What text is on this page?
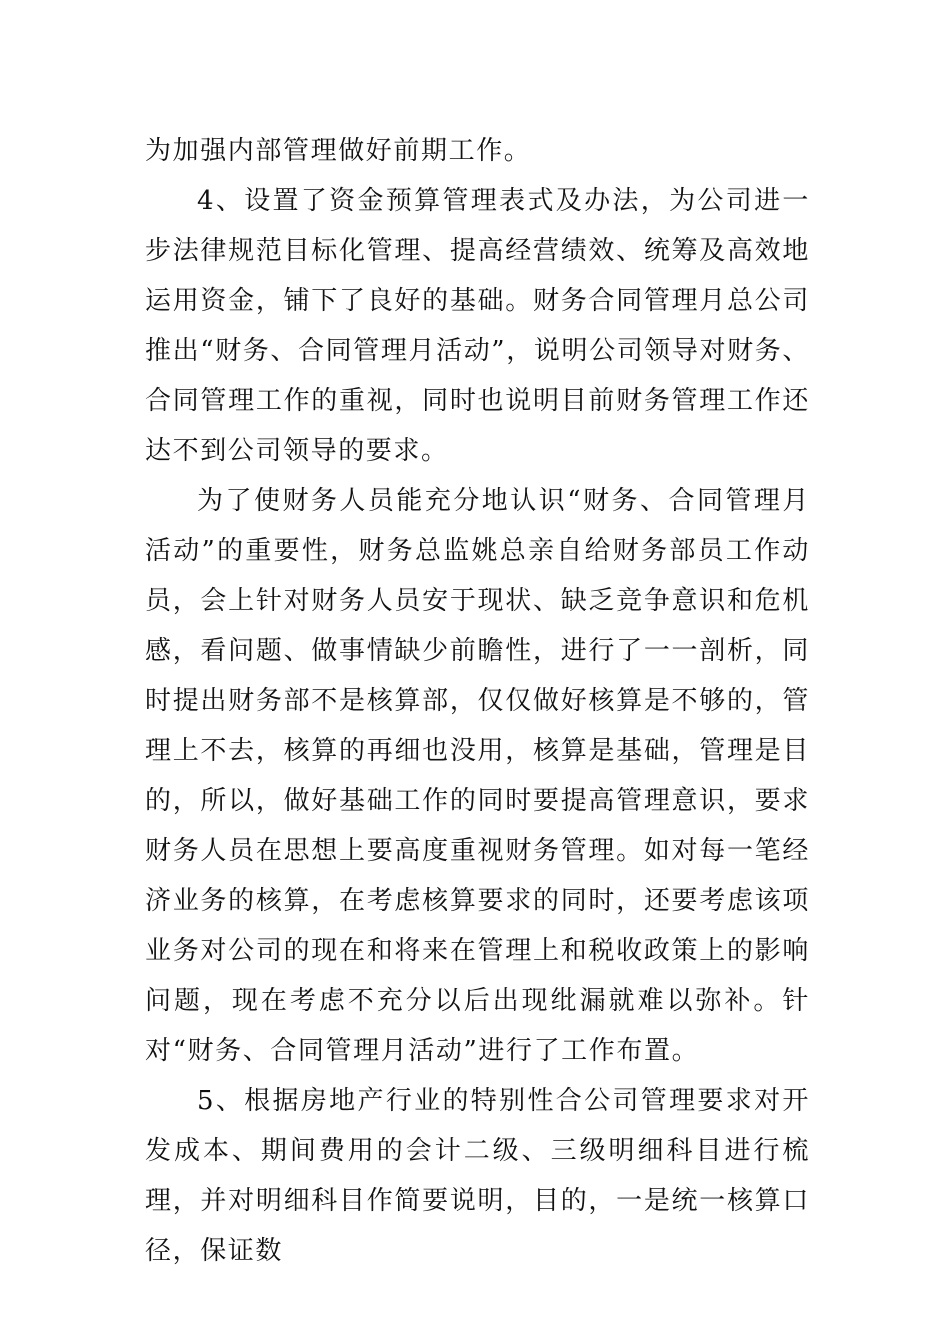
为加强内部管理做好前期工作。

4、设置了资金预算管理表式及办法，为公司进一步法律规范目标化管理、提高经营绩效、统筹及高效地运用资金，铺下了良好的基础。财务合同管理月总公司推出“财务、合同管理月活动”，说明公司领导对财务、合同管理工作的重视，同时也说明目前财务管理工作还达不到公司领导的要求。

为了使财务人员能充分地认识“财务、合同管理月活动”的重要性，财务总监姚总亲自给财务部员工作动员，会上针对财务人员安于现状、缺乏竞争意识和危机感，看问题、做事情缺少前瞻性，进行了一一剖析，同时提出财务部不是核算部，仅仅做好核算是不够的，管理上不去，核算的再细也没用，核算是基础，管理是目的，所以，做好基础工作的同时要提高管理意识，要求财务人员在思想上要高度重视财务管理。如对每一笔经济业务的核算，在考虑核算要求的同时，还要考虑该项业务对公司的现在和将来在管理上和税收政策上的影响问题，现在考虑不充分以后出现纰漏就难以弥补。针对“财务、合同管理月活动”进行了工作布置。

5、根据房地产行业的特别性合公司管理要求对开发成本、期间费用的会计二级、三级明细科目进行梳理，并对明细科目作简要说明，目的，一是统一核算口径，保证数
